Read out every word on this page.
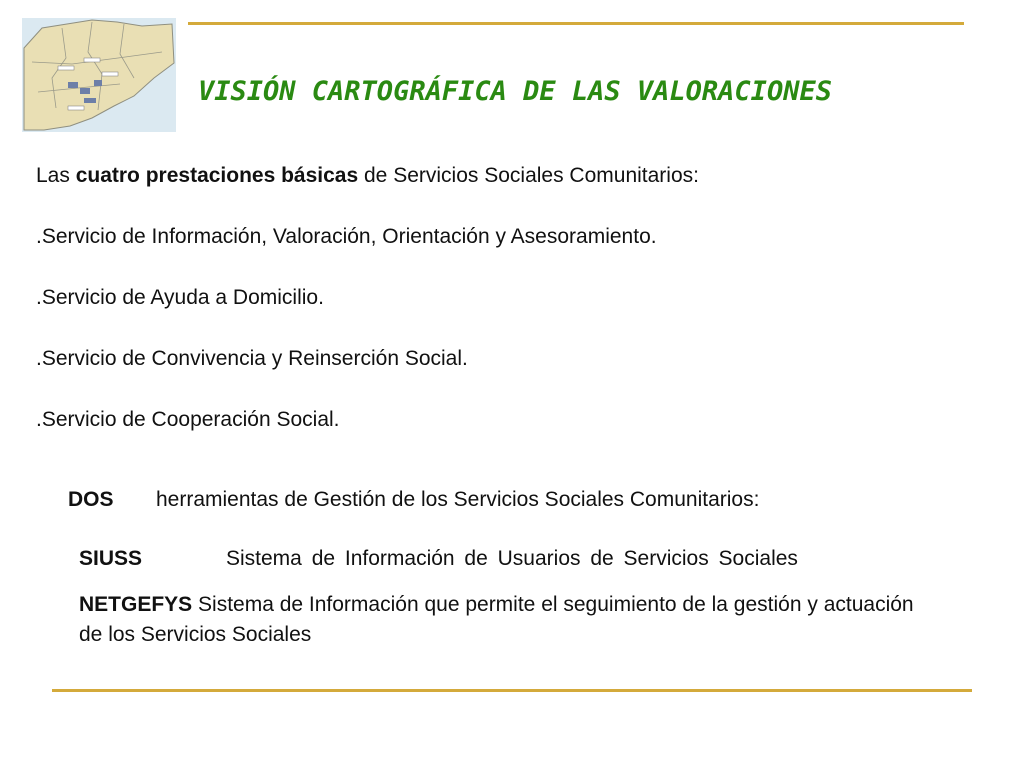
VISIÓN CARTOGRÁFICA DE LAS VALORACIONES
Las cuatro prestaciones básicas de Servicios Sociales Comunitarios:
.Servicio de Información, Valoración, Orientación y Asesoramiento.
.Servicio de Ayuda a Domicilio.
.Servicio de Convivencia y Reinserción Social.
.Servicio de Cooperación Social.
DOS herramientas de Gestión de los Servicios Sociales Comunitarios:
SIUSS	Sistema de Información de Usuarios de Servicios Sociales
NETGEFYS Sistema de Información que permite el seguimiento de la gestión y actuación de los Servicios Sociales
